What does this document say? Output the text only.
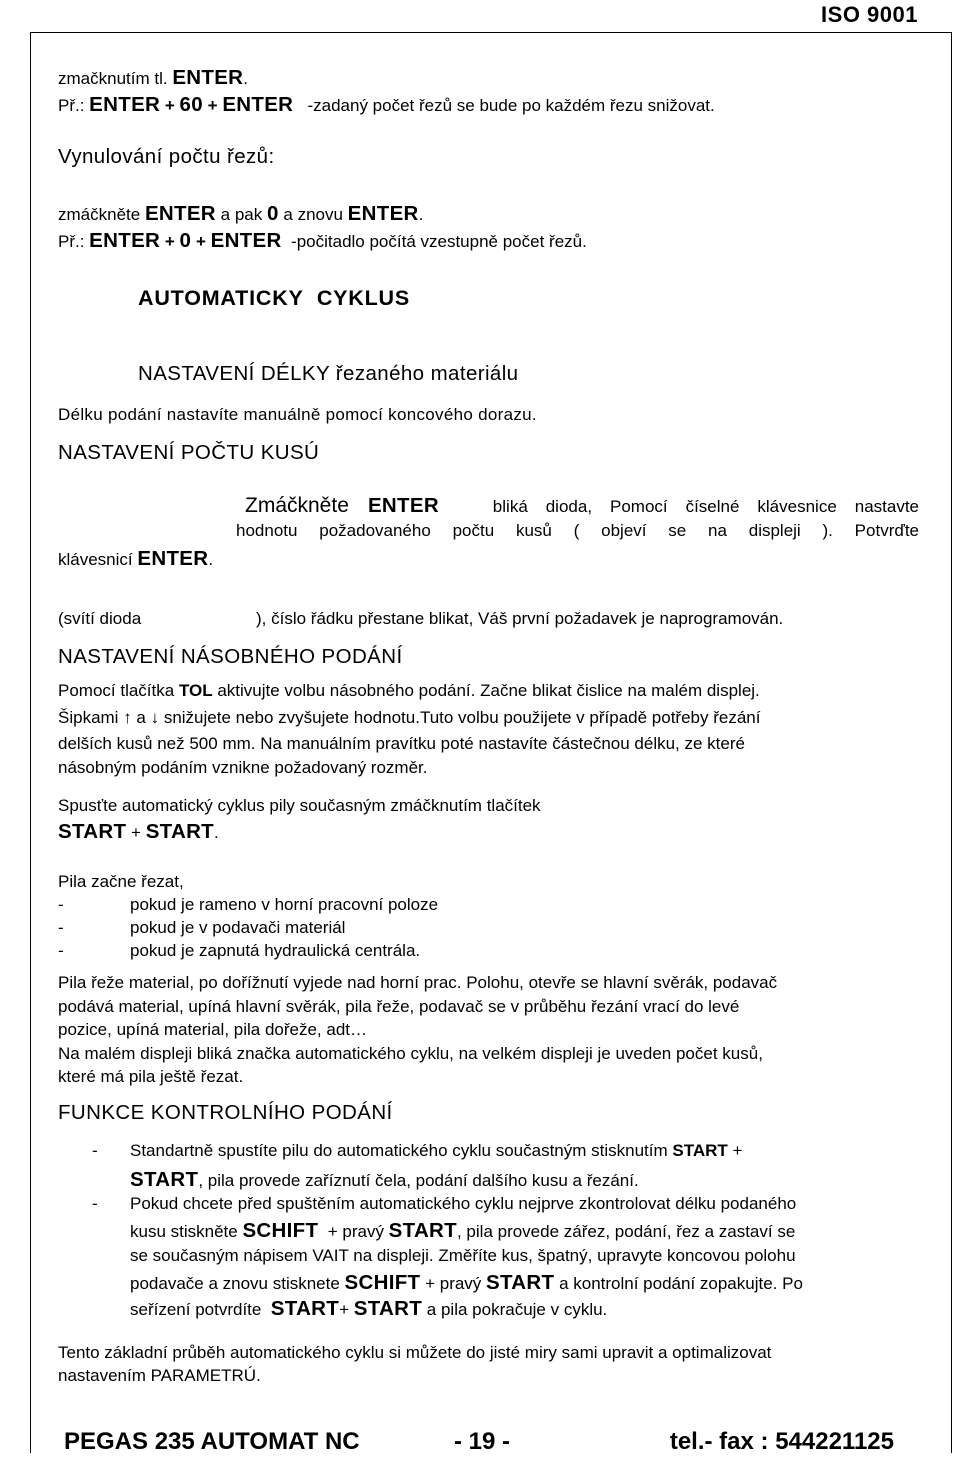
ISO 9001
zmačknutím tl. ENTER.
Př.: ENTER + 60 + ENTER   -zadaný počet řezů se bude po každém řezu snižovat.
Vynulování počtu řezů:
zmáčkněte ENTER a pak 0 a znovu ENTER.
Př.: ENTER + 0 + ENTER  -počitadlo počítá vzestupně počet řezů.
AUTOMATICKY  CYKLUS
NASTAVENÍ DÉLKY řezaného materiálu
Délku podání nastavíte manuálně pomocí koncového dorazu.
NASTAVENÍ POČTU KUSÚ
Zmáčkněte ENTER   bliká dioda, Pomocí číselné klávesnice nastavte
hodnotu požadovaného počtu kusů ( objeví se na displeji ). Potvrďte
klávesnicí ENTER.
(svítí dioda	), číslo řádku přestane blikat, Váš první požadavek je naprogramován.
NASTAVENÍ NÁSOBNÉHO PODÁNÍ
Pomocí tlačítka TOL aktivujte volbu násobného podání. Začne blikat čislice na malém displej.
Šipkami ↑ a ↓ snižujete nebo zvyšujete hodnotu.Tuto volbu použijete v případě potřeby řezání
delších kusů než 500 mm. Na manuálním pravítku poté nastavíte částečnou délku, ze které
násobným podáním vznikne požadovaný rozměr.
Spusťte automatický cyklus pily současným zmáčknutím tlačítek
START + START.
Pila začne řezat,
-	pokud je rameno v horní pracovní poloze
-	pokud je v podavači materiál
-	pokud je zapnutá hydraulická centrála.
Pila řeže material, po dořížnutí vyjede nad horní prac. Polohu, otevře se hlavní svěrák, podavač
podává material, upíná hlavní svěrák, pila řeže, podavač se v průběhu řezání vrací do levé
pozice, upíná material, pila dořeže, adt…
Na malém displeji bliká značka automatického cyklu, na velkém displeji je uveden počet kusů,
které má pila ještě řezat.
FUNKCE KONTROLNÍHO PODÁNÍ
- Standartně spustíte pilu do automatického cyklu součastným stisknutím START +
START, pila provede zaříznutí čela, podání dalšího kusu a řezání.
- Pokud chcete před spuštěním automatického cyklu nejprve zkontrolovat délku podaného
kusu stiskněte SCHIFT  + pravý START, pila provede zářez, podání, řez a zastaví se
se současným nápisem VAIT na displeji. Změříte kus, špatný, upravyte koncovou polohu
podavače a znovu stisknete SCHIFT + pravý START a kontrolní podání zopakujte. Po
seřízení potvrdíte  START+ START a pila pokračuje v cyklu.
Tento základní průběh automatického cyklu si můžete do jisté miry sami upravit a optimalizovat
nastavením PARAMETRÚ.
PEGAS 235 AUTOMAT NC	- 19 -	tel.- fax : 544221125
